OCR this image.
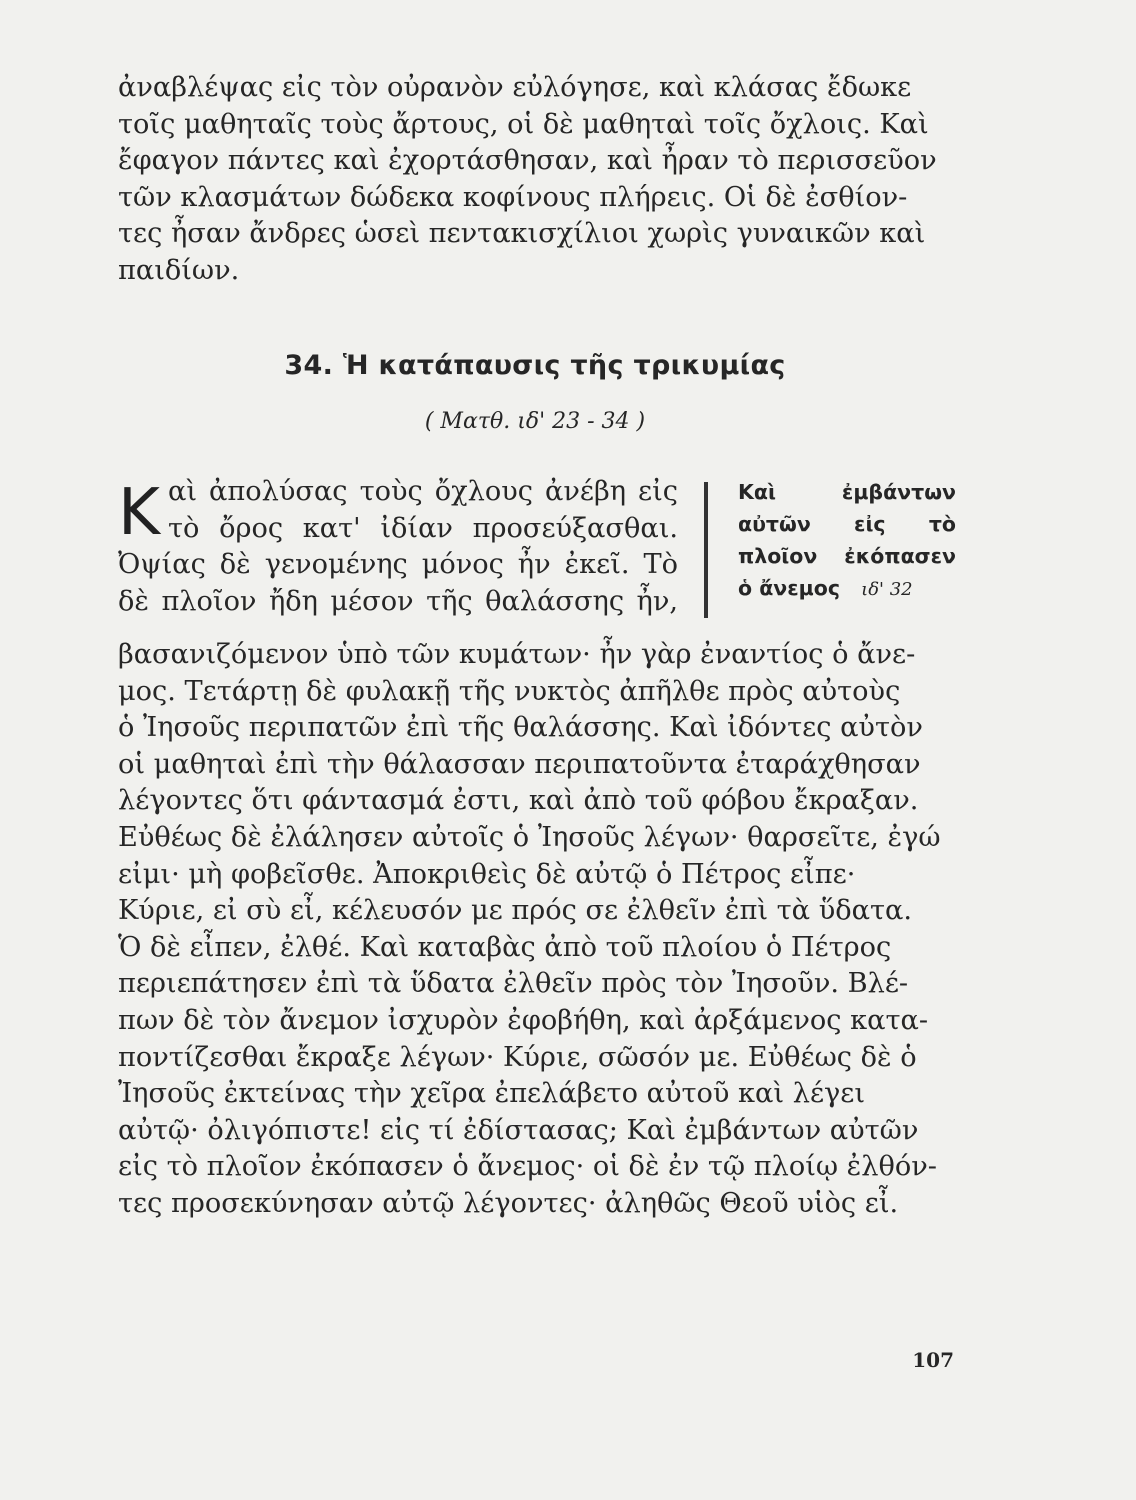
ἀναβλέψας εἰς τὸν οὐρανὸν εὐλόγησε, καὶ κλάσας ἔδωκε
τοῖς μαθηταῖς τοὺς ἄρτους, οἱ δὲ μαθηταὶ τοῖς ὄχλοις. Καὶ
ἔφαγον πάντες καὶ ἐχορτάσθησαν, καὶ ἦραν τὸ περισσεῦον
τῶν κλασμάτων δώδεκα κοφίνους πλήρεις. Οἱ δὲ ἐσθίον-
τες ἦσαν ἄνδρες ὡσεὶ πεντακισχίλιοι χωρὶς γυναικῶν καὶ
παιδίων.

34. Ἡ κατάπαυσις τῆς τρικυμίας

( Ματθ. ιδ' 23 - 34 )

Κ αὶ ἀπολύσας τοὺς ὄχλους ἀνέβη εἰς
τὸ ὄρος κατ' ἰδίαν προσεύξασθαι.
Ὀψίας δὲ γενομένης μόνος ἦν ἐκεῖ. Τὸ
δὲ πλοῖον ἤδη μέσον τῆς θαλάσσης ἦν,
Καὶ ἐμβάντων
αὐτῶν εἰς τὸ
πλοῖον ἐκόπασεν
ὁ ἄνεμος ιδ' 32

βασανιζόμενον ὑπὸ τῶν κυμάτων· ἦν γὰρ ἐναντίος ὁ ἄνε-
μος. Τετάρτῃ δὲ φυλακῇ τῆς νυκτὸς ἀπῆλθε πρὸς αὐτοὺς
ὁ Ἰησοῦς περιπατῶν ἐπὶ τῆς θαλάσσης. Καὶ ἰδόντες αὐτὸν
οἱ μαθηταὶ ἐπὶ τὴν θάλασσαν περιπατοῦντα ἐταράχθησαν
λέγοντες ὅτι φάντασμά ἐστι, καὶ ἀπὸ τοῦ φόβου ἔκραξαν.
Εὐθέως δὲ ἐλάλησεν αὐτοῖς ὁ Ἰησοῦς λέγων· θαρσεῖτε, ἐγώ
εἰμι· μὴ φοβεῖσθε. Ἀποκριθεὶς δὲ αὐτῷ ὁ Πέτρος εἶπε·
Κύριε, εἰ σὺ εἶ, κέλευσόν με πρός σε ἐλθεῖν ἐπὶ τὰ ὕδατα.
Ὁ δὲ εἶπεν, ἐλθέ. Καὶ καταβὰς ἀπὸ τοῦ πλοίου ὁ Πέτρος
περιεπάτησεν ἐπὶ τὰ ὕδατα ἐλθεῖν πρὸς τὸν Ἰησοῦν. Βλέ-
πων δὲ τὸν ἄνεμον ἰσχυρὸν ἐφοβήθη, καὶ ἀρξάμενος κατα-
ποντίζεσθαι ἔκραξε λέγων· Κύριε, σῶσόν με. Εὐθέως δὲ ὁ
Ἰησοῦς ἐκτείνας τὴν χεῖρα ἐπελάβετο αὐτοῦ καὶ λέγει
αὐτῷ· ὀλιγόπιστε! εἰς τί ἐδίστασας; Καὶ ἐμβάντων αὐτῶν
εἰς τὸ πλοῖον ἐκόπασεν ὁ ἄνεμος· οἱ δὲ ἐν τῷ πλοίῳ ἐλθόν-
τες προσεκύνησαν αὐτῷ λέγοντες· ἀληθῶς Θεοῦ υἱὸς εἶ.

107
